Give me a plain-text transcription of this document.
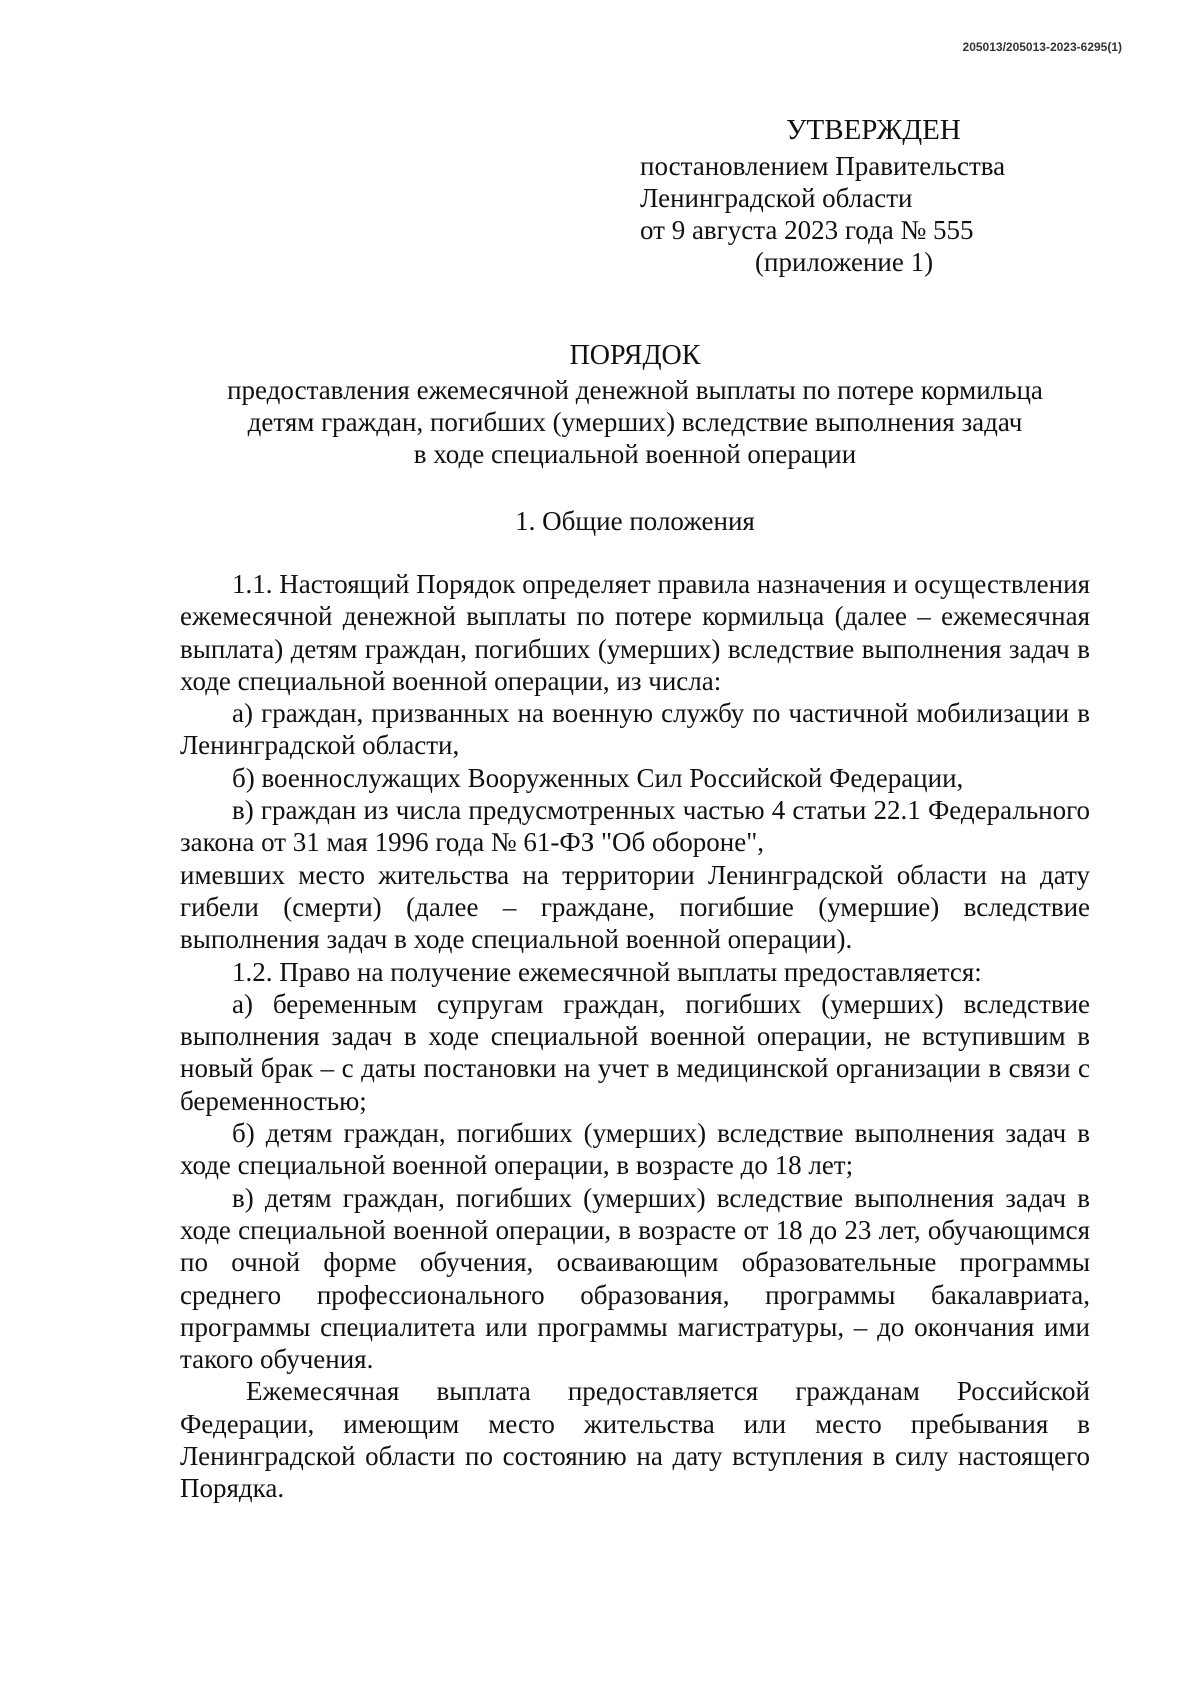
205013/205013-2023-6295(1)
УТВЕРЖДЕН
постановлением Правительства
Ленинградской области
от 9 августа 2023 года № 555
(приложение 1)
ПОРЯДОК
предоставления ежемесячной денежной выплаты по потере кормильца
детям граждан, погибших (умерших) вследствие выполнения задач
в ходе специальной военной операции
1. Общие положения

1.1. Настоящий Порядок определяет правила назначения и осуществления ежемесячной денежной выплаты по потере кормильца (далее – ежемесячная выплата) детям граждан, погибших (умерших) вследствие выполнения задач в ходе специальной военной операции, из числа:

а) граждан, призванных на военную службу по частичной мобилизации в Ленинградской области,

б) военнослужащих Вооруженных Сил Российской Федерации,

в) граждан из числа предусмотренных частью 4 статьи 22.1 Федерального закона от 31 мая 1996 года № 61-ФЗ "Об обороне",

имевших место жительства на территории Ленинградской области на дату гибели (смерти) (далее – граждане, погибшие (умершие) вследствие выполнения задач в ходе специальной военной операции).

1.2. Право на получение ежемесячной выплаты предоставляется:

а) беременным супругам граждан, погибших (умерших) вследствие выполнения задач в ходе специальной военной операции, не вступившим в новый брак – с даты постановки на учет в медицинской организации в связи с беременностью;

б) детям граждан, погибших (умерших) вследствие выполнения задач в ходе специальной военной операции, в возрасте до 18 лет;

в) детям граждан, погибших (умерших) вследствие выполнения задач в ходе специальной военной операции, в возрасте от 18 до 23 лет, обучающимся по очной форме обучения, осваивающим образовательные программы среднего профессионального образования, программы бакалавриата, программы специалитета или программы магистратуры, – до окончания ими такого обучения.

Ежемесячная выплата предоставляется гражданам Российской Федерации, имеющим место жительства или место пребывания в Ленинградской области по состоянию на дату вступления в силу настоящего Порядка.
